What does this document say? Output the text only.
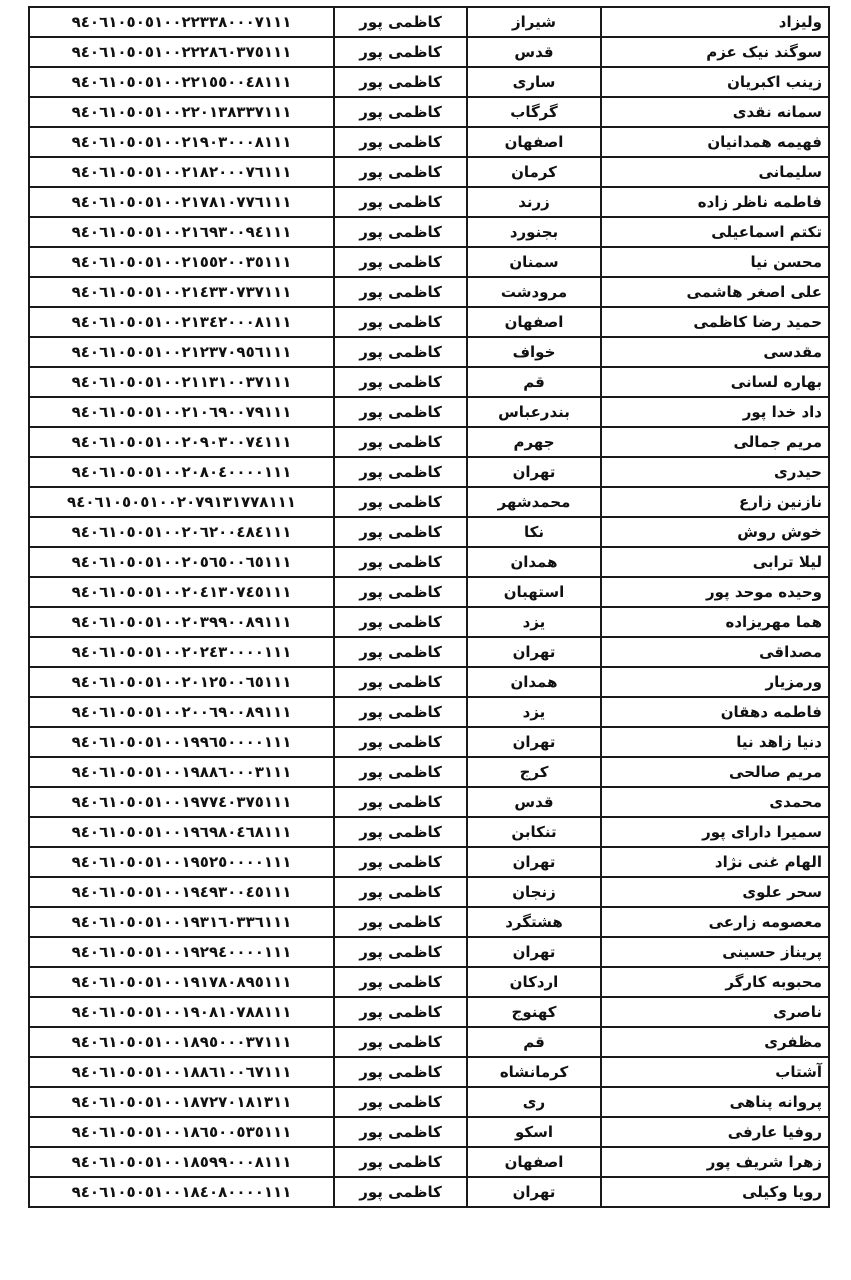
٩٤٠٦١٠٥٠٥١٠٠٢٢٣٣٨٠٠٠٧١١١	کاظمی پور	شیراز	ولیزاد
٩٤٠٦١٠٥٠٥١٠٠٢٢٢٨٦٠٣٧٥١١١	کاظمی پور	قدس	سوگند نیک عزم
٩٤٠٦١٠٥٠٥١٠٠٢٢١٥٥٠٠٤٨١١١	کاظمی پور	ساری	زینب اکبریان
٩٤٠٦١٠٥٠٥١٠٠٢٢٠١٣٨٣٣٧١١١	کاظمی پور	گرگاب	سمانه نقدی
٩٤٠٦١٠٥٠٥١٠٠٢١٩٠٣٠٠٠٨١١١	کاظمی پور	اصفهان	فهیمه همدانیان
٩٤٠٦١٠٥٠٥١٠٠٢١٨٢٠٠٠٧٦١١١	کاظمی پور	کرمان	سلیمانی
٩٤٠٦١٠٥٠٥١٠٠٢١٧٨١٠٧٧٦١١١	کاظمی پور	زرند	فاطمه ناظر زاده
٩٤٠٦١٠٥٠٥١٠٠٢١٦٩٣٠٠٩٤١١١	کاظمی پور	بجنورد	تکتم اسماعیلی
٩٤٠٦١٠٥٠٥١٠٠٢١٥٥٢٠٠٣٥١١١	کاظمی پور	سمنان	محسن نیا
٩٤٠٦١٠٥٠٥١٠٠٢١٤٣٣٠٧٣٧١١١	کاظمی پور	مرودشت	علی اصغر هاشمی
٩٤٠٦١٠٥٠٥١٠٠٢١٣٤٢٠٠٠٨١١١	کاظمی پور	اصفهان	حمید رضا کاظمی
٩٤٠٦١٠٥٠٥١٠٠٢١٢٣٧٠٩٥٦١١١	کاظمی پور	خواف	مقدسی
٩٤٠٦١٠٥٠٥١٠٠٢١١٣١٠٠٣٧١١١	کاظمی پور	قم	بهاره لسانی
٩٤٠٦١٠٥٠٥١٠٠٢١٠٦٩٠٠٧٩١١١	کاظمی پور	بندرعباس	داد خدا پور
٩٤٠٦١٠٥٠٥١٠٠٢٠٩٠٣٠٠٧٤١١١	کاظمی پور	جهرم	مریم جمالی
٩٤٠٦١٠٥٠٥١٠٠٢٠٨٠٤٠٠٠٠١١١	کاظمی پور	تهران	حیدری
٩٤٠٦١٠٥٠٥١٠٠٢٠٧٩١٣١٧٧٨١١١	کاظمی پور	محمدشهر	نازنین زارع
٩٤٠٦١٠٥٠٥١٠٠٢٠٦٢٠٠٤٨٤١١١	کاظمی پور	نکا	خوش روش
٩٤٠٦١٠٥٠٥١٠٠٢٠٥٦٥٠٠٦٥١١١	کاظمی پور	همدان	لیلا ترابی
٩٤٠٦١٠٥٠٥١٠٠٢٠٤١٣٠٧٤٥١١١	کاظمی پور	استهبان	وحیده موحد پور
٩٤٠٦١٠٥٠٥١٠٠٢٠٣٩٩٠٠٨٩١١١	کاظمی پور	یزد	هما مهریزاده
٩٤٠٦١٠٥٠٥١٠٠٢٠٢٤٣٠٠٠٠١١١	کاظمی پور	تهران	مصداقی
٩٤٠٦١٠٥٠٥١٠٠٢٠١٢٥٠٠٦٥١١١	کاظمی پور	همدان	ورمزیار
٩٤٠٦١٠٥٠٥١٠٠٢٠٠٦٩٠٠٨٩١١١	کاظمی پور	یزد	فاطمه دهقان
٩٤٠٦١٠٥٠٥١٠٠١٩٩٦٥٠٠٠٠١١١	کاظمی پور	تهران	دنیا زاهد نیا
٩٤٠٦١٠٥٠٥١٠٠١٩٨٨٦٠٠٠٣١١١	کاظمی پور	کرج	مریم صالحی
٩٤٠٦١٠٥٠٥١٠٠١٩٧٧٤٠٣٧٥١١١	کاظمی پور	قدس	محمدی
٩٤٠٦١٠٥٠٥١٠٠١٩٦٩٨٠٤٦٨١١١	کاظمی پور	تنکابن	سمیرا دارای پور
٩٤٠٦١٠٥٠٥١٠٠١٩٥٢٥٠٠٠٠١١١	کاظمی پور	تهران	الهام غنی نژاد
٩٤٠٦١٠٥٠٥١٠٠١٩٤٩٣٠٠٤٥١١١	کاظمی پور	زنجان	سحر علوی
٩٤٠٦١٠٥٠٥١٠٠١٩٣١٦٠٣٣٦١١١	کاظمی پور	هشتگرد	معصومه زارعی
٩٤٠٦١٠٥٠٥١٠٠١٩٢٩٤٠٠٠٠١١١	کاظمی پور	تهران	پریناز حسینی
٩٤٠٦١٠٥٠٥١٠٠١٩١٧٨٠٨٩٥١١١	کاظمی پور	اردکان	محبوبه کارگر
٩٤٠٦١٠٥٠٥١٠٠١٩٠٨١٠٧٨٨١١١	کاظمی پور	کهنوج	ناصری
٩٤٠٦١٠٥٠٥١٠٠١٨٩٥٠٠٠٣٧١١١	کاظمی پور	قم	مظفری
٩٤٠٦١٠٥٠٥١٠٠١٨٨٦١٠٠٦٧١١١	کاظمی پور	کرمانشاه	آشتاب
٩٤٠٦١٠٥٠٥١٠٠١٨٧٢٧٠١٨١٣١١	کاظمی پور	ری	پروانه پناهی
٩٤٠٦١٠٥٠٥١٠٠١٨٦٥٠٠٥٣٥١١١	کاظمی پور	اسکو	روفیا عارفی
٩٤٠٦١٠٥٠٥١٠٠١٨٥٩٩٠٠٠٨١١١	کاظمی پور	اصفهان	زهرا شریف پور
٩٤٠٦١٠٥٠٥١٠٠١٨٤٠٨٠٠٠٠١١١	کاظمی پور	تهران	رویا وکیلی
